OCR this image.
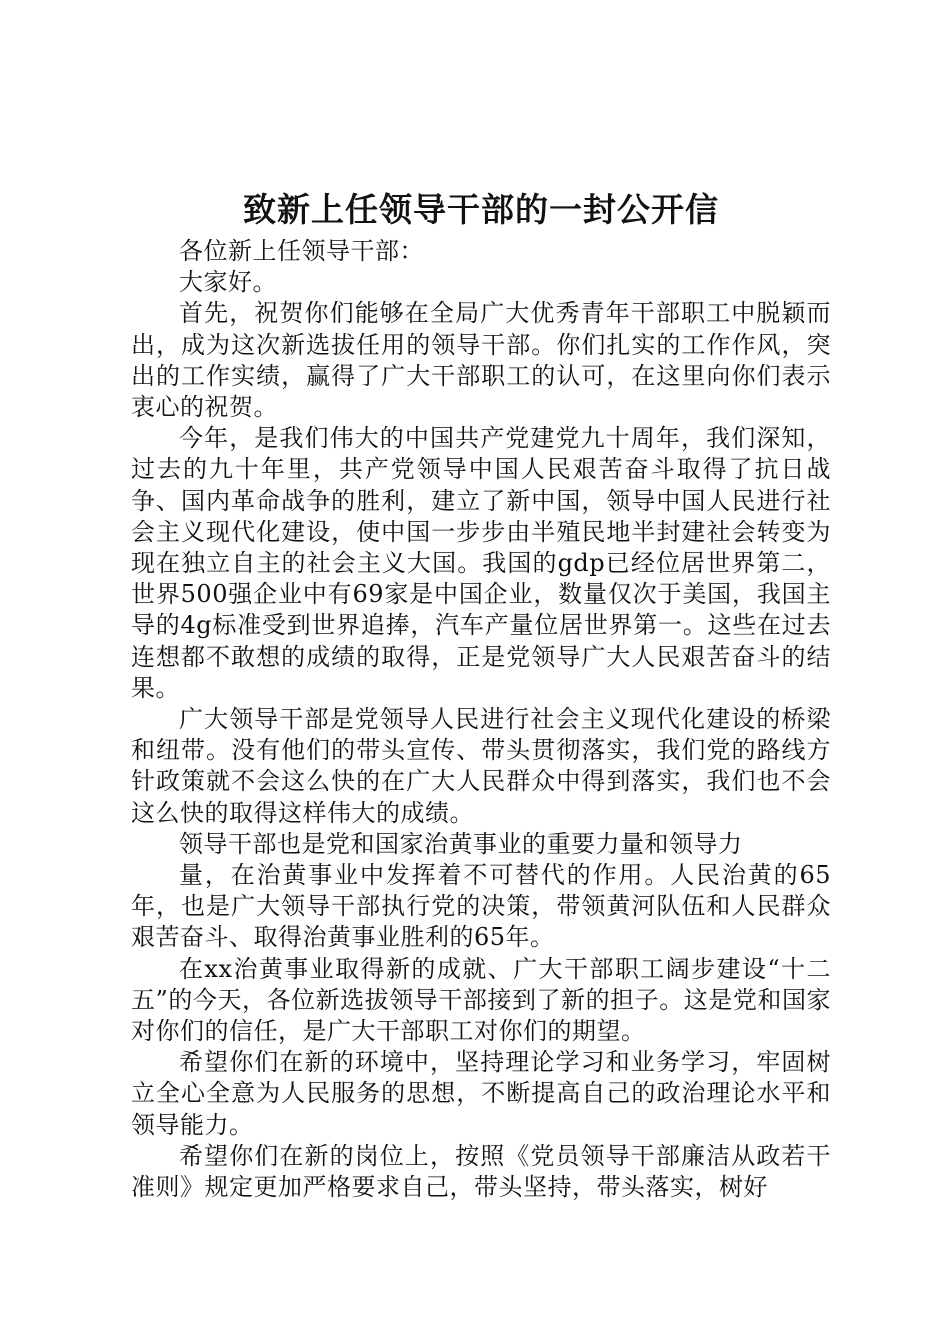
致新上任领导干部的一封公开信

各位新上任领导干部：

大家好。

首先，祝贺你们能够在全局广大优秀青年干部职工中脱颖而出，成为这次新选拔任用的领导干部。你们扎实的工作作风，突出的工作实绩，赢得了广大干部职工的认可，在这里向你们表示衷心的祝贺。

今年，是我们伟大的中国共产党建党九十周年，我们深知，过去的九十年里，共产党领导中国人民艰苦奋斗取得了抗日战争、国内革命战争的胜利，建立了新中国，领导中国人民进行社会主义现代化建设，使中国一步步由半殖民地半封建社会转变为现在独立自主的社会主义大国。我国的gdp已经位居世界第二，世界500强企业中有69家是中国企业，数量仅次于美国，我国主导的4g标准受到世界追捧，汽车产量位居世界第一。这些在过去连想都不敢想的成绩的取得，正是党领导广大人民艰苦奋斗的结果。

广大领导干部是党领导人民进行社会主义现代化建设的桥梁和纽带。没有他们的带头宣传、带头贯彻落实，我们党的路线方针政策就不会这么快的在广大人民群众中得到落实，我们也不会这么快的取得这样伟大的成绩。

领导干部也是党和国家治黄事业的重要力量和领导力

量，在治黄事业中发挥着不可替代的作用。人民治黄的65年，也是广大领导干部执行党的决策，带领黄河队伍和人民群众艰苦奋斗、取得治黄事业胜利的65年。

在xx治黄事业取得新的成就、广大干部职工阔步建设“十二五”的今天，各位新选拔领导干部接到了新的担子。这是党和国家对你们的信任，是广大干部职工对你们的期望。

希望你们在新的环境中，坚持理论学习和业务学习，牢固树立全心全意为人民服务的思想，不断提高自己的政治理论水平和领导能力。

希望你们在新的岗位上，按照《党员领导干部廉洁从政若干准则》规定更加严格要求自己，带头坚持，带头落实，树好
